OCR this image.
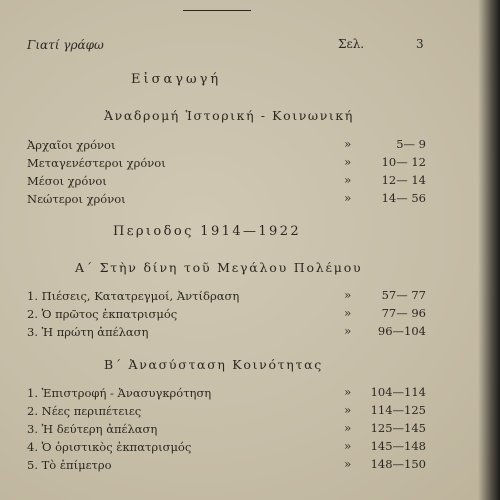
Γιατί γράφω	Σελ.	3
Εἰσαγωγή
Ἀναδρομή Ἱστορική - Κοινωνική
Ἀρχαῖοι χρόνοι	»	5— 9
Μεταγενέστεροι χρόνοι	»	10— 12
Μέσοι χρόνοι	»	12— 14
Νεώτεροι χρόνοι	»	14— 56
Περιοδος 1914—1922
Α΄ Στὴν δίνη τοῦ Μεγάλου Πολέμου
1. Πιέσεις, Κατατρεγμοί, Ἀντίδραση	»	57— 77
2. Ὁ πρῶτος ἐκπατρισμός	»	77— 96
3. Ἡ πρώτη ἀπέλαση	»	96—104
Β΄ Ἀνασύσταση Κοινότητας
1. Ἐπιστροφή - Ἀνασυγκρότηση	»	104—114
2. Νέες περιπέτειες	»	114—125
3. Ἡ δεύτερη ἀπέλαση	»	125—145
4. Ὁ ὁριστικὸς ἐκπατρισμός	»	145—148
5. Τὸ ἐπίμετρο	»	148—150
